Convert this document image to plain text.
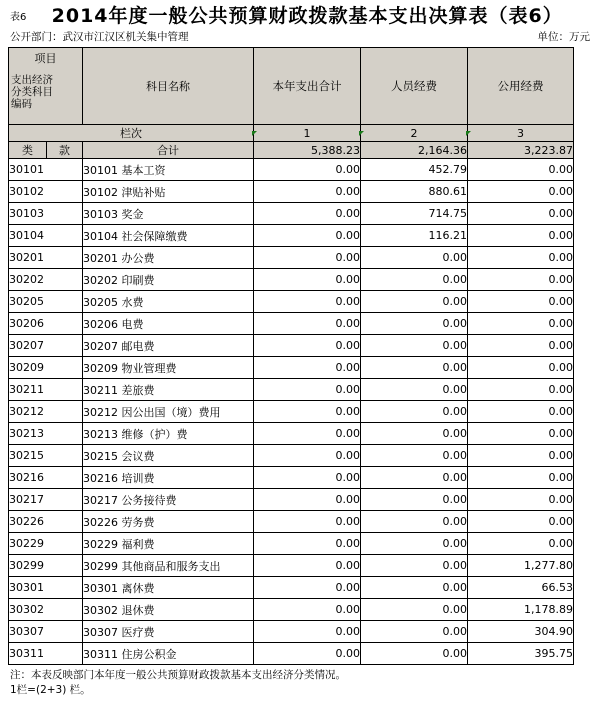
表6	2014年度一般公共预算财政拨款基本支出决算表（表6）
公开部门：武汉市江汉区机关集中管理	单位：万元
项目
支出经济分类科目编码		科目名称	本年支出合计	人员经费	公用经费

栏次			1	2	3
类	款	合计	5,388.23	2,164.36	3,223.87
30101		30101 基本工资	0.00	452.79	0.00
30102		30102 津贴补贴	0.00	880.61	0.00
30103		30103 奖金	0.00	714.75	0.00
30104		30104 社会保障缴费	0.00	116.21	0.00
30201		30201 办公费	0.00	0.00	0.00
30202		30202 印刷费	0.00	0.00	0.00
30205		30205 水费	0.00	0.00	0.00
30206		30206 电费	0.00	0.00	0.00
30207		30207 邮电费	0.00	0.00	0.00
30209		30209 物业管理费	0.00	0.00	0.00
30211		30211 差旅费	0.00	0.00	0.00
30212		30212 因公出国（境）费用	0.00	0.00	0.00
30213		30213 维修（护）费	0.00	0.00	0.00
30215		30215 会议费	0.00	0.00	0.00
30216		30216 培训费	0.00	0.00	0.00
30217		30217 公务接待费	0.00	0.00	0.00
30226		30226 劳务费	0.00	0.00	0.00
30229		30229 福利费	0.00	0.00	0.00
30299		30299 其他商品和服务支出	0.00	0.00	1,277.80
30301		30301 离休费	0.00	0.00	66.53
30302		30302 退休费	0.00	0.00	1,178.89
30307		30307 医疗费	0.00	0.00	304.90
30311		30311 住房公积金	0.00	0.00	395.75
注：本表反映部门本年度一般公共预算财政拨款基本支出经济分类情况。
1栏=(2+3) 栏。
